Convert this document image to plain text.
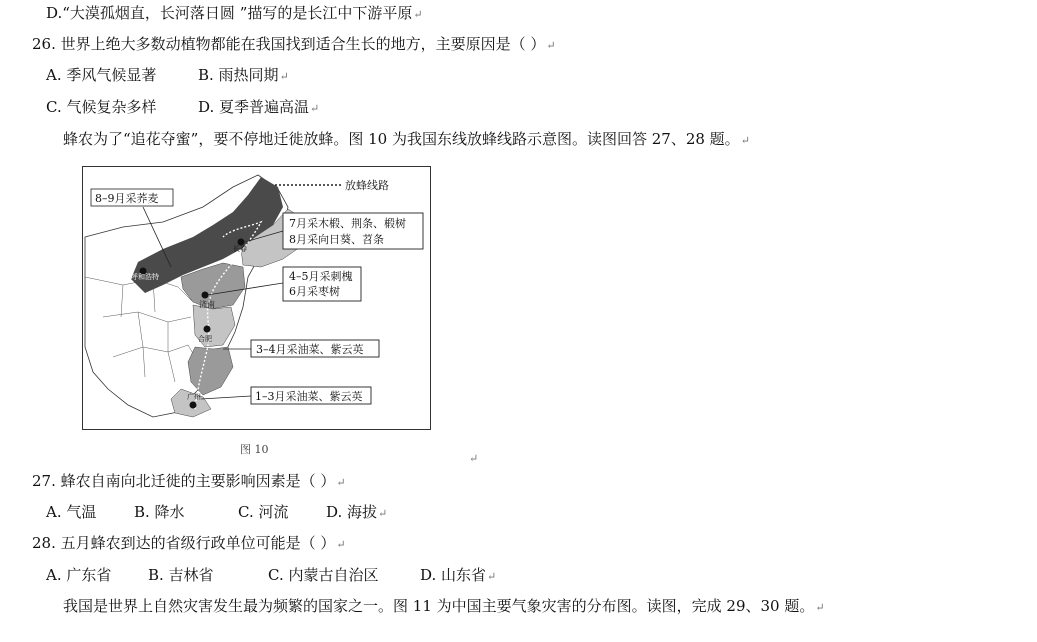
D.“大漠孤烟直，长河落日圆 ”描写的是长江中下游平原↵
26. 世界上绝大多数动植物都能在我国找到适合生长的地方，主要原因是（ ）↵
A. 季风气候显著	B. 雨热同期↵
C. 气候复杂多样	D. 夏季普遍高温↵
蜂农为了“追花夺蜜”，要不停地迁徙放蜂。图 10 为我国东线放蜂线路示意图。读图回答 27、28 题。↵
放蜂线路
8–9月采荞麦
7月采木椴、荆条、椴树
8月采向日葵、苕条
4–5月采刺槐
6月采枣树
3–4月采油菜、紫云英
1–3月采油菜、紫云英
呼和浩特
长春
济南
合肥
广州
图 10
↵
27. 蜂农自南向北迁徙的主要影响因素是（ ）↵
A. 气温	B. 降水	C. 河流	D. 海拔↵
28. 五月蜂农到达的省级行政单位可能是（ ）↵
A. 广东省 B. 吉林省	C. 内蒙古自治区	D. 山东省↵
我国是世界上自然灾害发生最为频繁的国家之一。图 11 为中国主要气象灾害的分布图。读图，完成 29、30 题。↵
